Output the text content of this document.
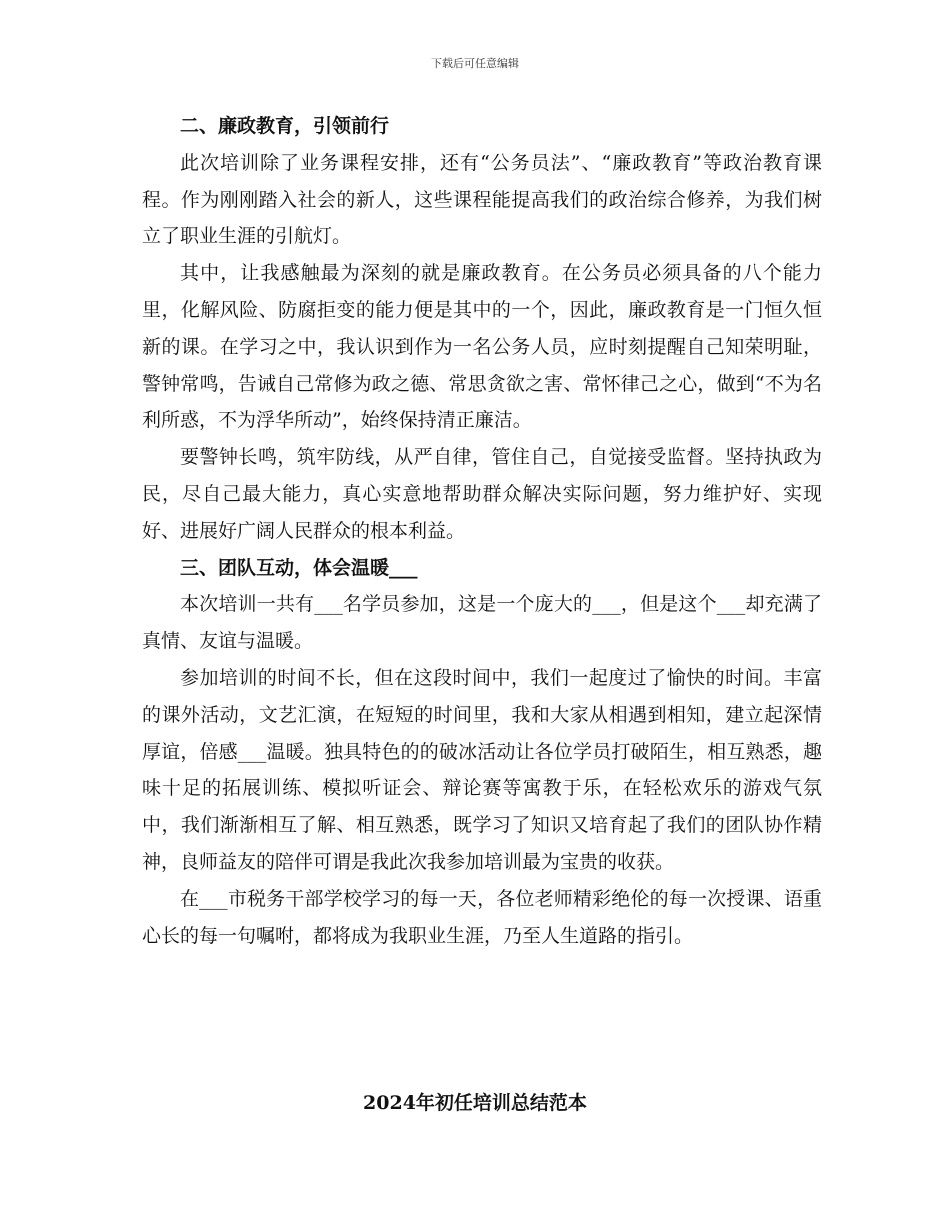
下载后可任意编辑
二、廉政教育，引领前行

此次培训除了业务课程安排，还有“公务员法”、“廉政教育”等政治教育课程。作为刚刚踏入社会的新人，这些课程能提高我们的政治综合修养，为我们树立了职业生涯的引航灯。

其中，让我感触最为深刻的就是廉政教育。在公务员必须具备的八个能力里，化解风险、防腐拒变的能力便是其中的一个，因此，廉政教育是一门恒久恒新的课。在学习之中，我认识到作为一名公务人员，应时刻提醒自己知荣明耻，警钟常鸣，告诫自己常修为政之德、常思贪欲之害、常怀律己之心，做到“不为名利所惑，不为浮华所动”，始终保持清正廉洁。

要警钟长鸣，筑牢防线，从严自律，管住自己，自觉接受监督。坚持执政为民，尽自己最大能力，真心实意地帮助群众解决实际问题，努力维护好、实现好、进展好广阔人民群众的根本利益。

三、团队互动，体会温暖___

本次培训一共有___名学员参加，这是一个庞大的___，但是这个___却充满了真情、友谊与温暖。

参加培训的时间不长，但在这段时间中，我们一起度过了愉快的时间。丰富的课外活动，文艺汇演，在短短的时间里，我和大家从相遇到相知，建立起深情厚谊，倍感___温暖。独具特色的的破冰活动让各位学员打破陌生，相互熟悉，趣味十足的拓展训练、模拟听证会、辩论赛等寓教于乐，在轻松欢乐的游戏气氛中，我们渐渐相互了解、相互熟悉，既学习了知识又培育起了我们的团队协作精神，良师益友的陪伴可谓是我此次我参加培训最为宝贵的收获。

在___市税务干部学校学习的每一天，各位老师精彩绝伦的每一次授课、语重心长的每一句嘱咐，都将成为我职业生涯，乃至人生道路的指引。

2024年初任培训总结范本
